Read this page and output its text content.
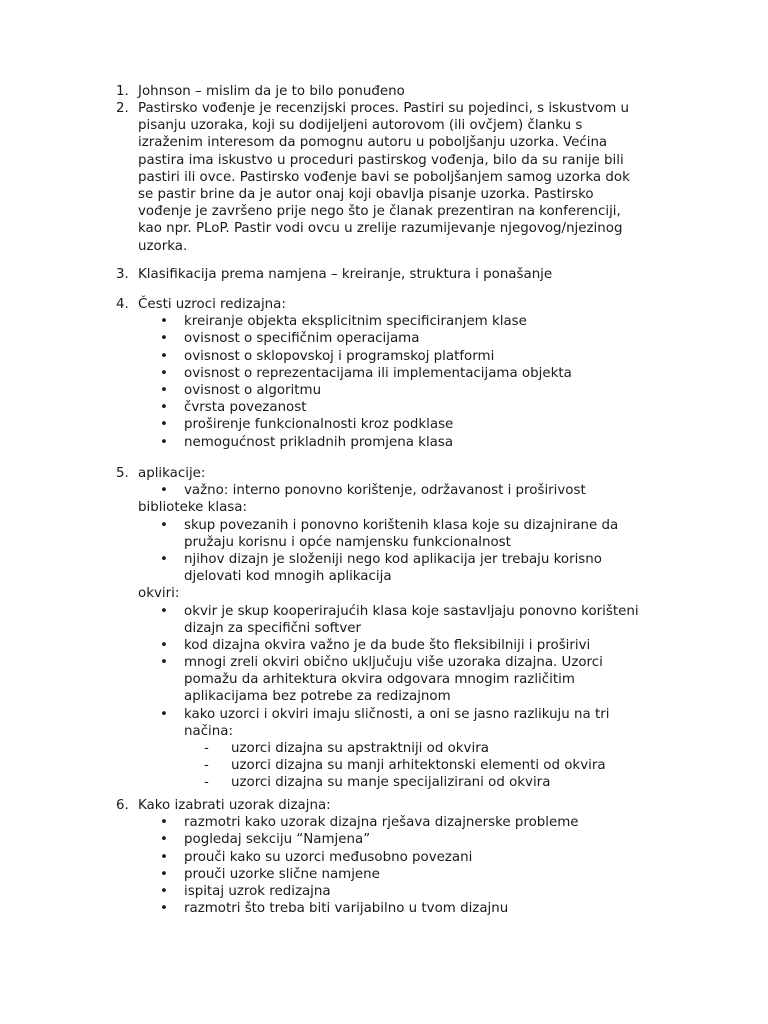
1. Johnson – mislim da je to bilo ponuđeno
2. Pastirsko vođenje je recenzijski proces. Pastiri su pojedinci, s iskustvom u
pisanju uzoraka, koji su dodijeljeni autorovom (ili ovčjem) članku s
izraženim interesom da pomognu autoru u poboljšanju uzorka. Većina
pastira ima iskustvo u proceduri pastirskog vođenja, bilo da su ranije bili
pastiri ili ovce. Pastirsko vođenje bavi se poboljšanjem samog uzorka dok
se pastir brine da je autor onaj koji obavlja pisanje uzorka. Pastirsko
vođenje je završeno prije nego što je članak prezentiran na konferenciji,
kao npr. PLoP. Pastir vodi ovcu u zrelije razumijevanje njegovog/njezinog
uzorka.
3. Klasifikacija prema namjena – kreiranje, struktura i ponašanje
4. Česti uzroci redizajna:
• kreiranje objekta eksplicitnim specificiranjem klase
• ovisnost o specifičnim operacijama
• ovisnost o sklopovskoj i programskoj platformi
• ovisnost o reprezentacijama ili implementacijama objekta
• ovisnost o algoritmu
• čvrsta povezanost
• proširenje funkcionalnosti kroz podklase
• nemogućnost prikladnih promjena klasa
5. aplikacije:
• važno: interno ponovno korištenje, održavanost i proširivost
biblioteke klasa:
• skup povezanih i ponovno korištenih klasa koje su dizajnirane da
pružaju korisnu i opće namjensku funkcionalnost
• njihov dizajn je složeniji nego kod aplikacija jer trebaju korisno
djelovati kod mnogih aplikacija
okviri:
• okvir je skup kooperirajućih klasa koje sastavljaju ponovno korišteni
dizajn za specifični softver
• kod dizajna okvira važno je da bude što fleksibilniji i proširivi
• mnogi zreli okviri obično uključuju više uzoraka dizajna. Uzorci
pomažu da arhitektura okvira odgovara mnogim različitim
aplikacijama bez potrebe za redizajnom
• kako uzorci i okviri imaju sličnosti, a oni se jasno razlikuju na tri
načina:
- uzorci dizajna su apstraktniji od okvira
- uzorci dizajna su manji arhitektonski elementi od okvira
- uzorci dizajna su manje specijalizirani od okvira
6. Kako izabrati uzorak dizajna:
• razmotri kako uzorak dizajna rješava dizajnerske probleme
• pogledaj sekciju “Namjena”
• prouči kako su uzorci međusobno povezani
• prouči uzorke slične namjene
• ispitaj uzrok redizajna
• razmotri što treba biti varijabilno u tvom dizajnu
